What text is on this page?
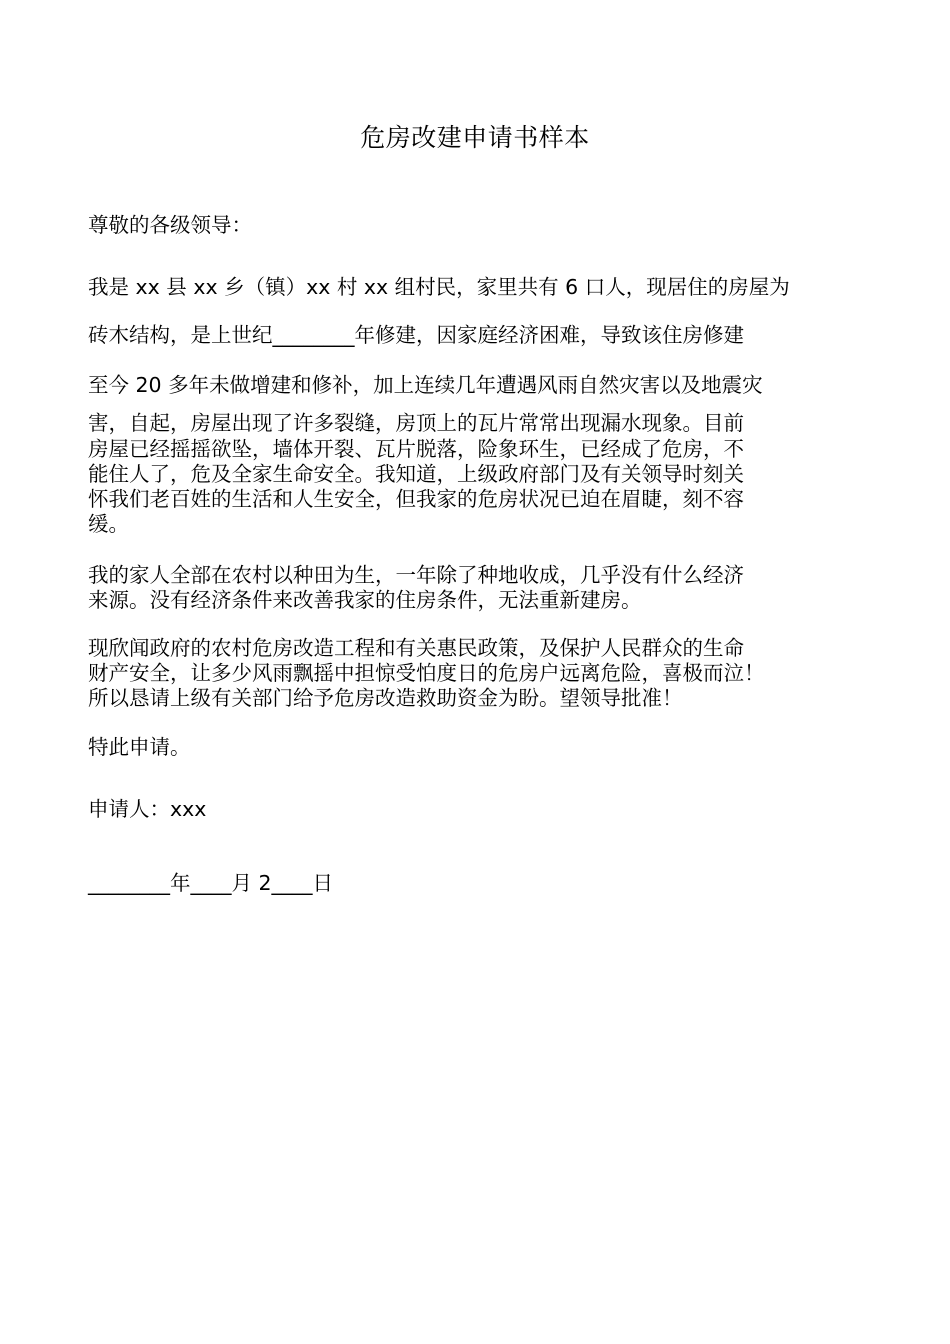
危房改建申请书样本
尊敬的各级领导：
我是 xx 县 xx 乡（镇）xx 村 xx 组村民，家里共有 6 口人，现居住的房屋为
砖木结构，是上世纪________年修建，因家庭经济困难，导致该住房修建
至今 20 多年未做增建和修补，加上连续几年遭遇风雨自然灾害以及地震灾
害，自起，房屋出现了许多裂缝，房顶上的瓦片常常出现漏水现象。目前
房屋已经摇摇欲坠，墙体开裂、瓦片脱落，险象环生，已经成了危房，不
能住人了，危及全家生命安全。我知道，上级政府部门及有关领导时刻关
怀我们老百姓的生活和人生安全，但我家的危房状况已迫在眉睫，刻不容
缓。
我的家人全部在农村以种田为生，一年除了种地收成，几乎没有什么经济
来源。没有经济条件来改善我家的住房条件，无法重新建房。
现欣闻政府的农村危房改造工程和有关惠民政策，及保护人民群众的生命
财产安全，让多少风雨飘摇中担惊受怕度日的危房户远离危险，喜极而泣！
所以恳请上级有关部门给予危房改造救助资金为盼。望领导批准！
特此申请。
申请人：xxx
________年____月 2____日
